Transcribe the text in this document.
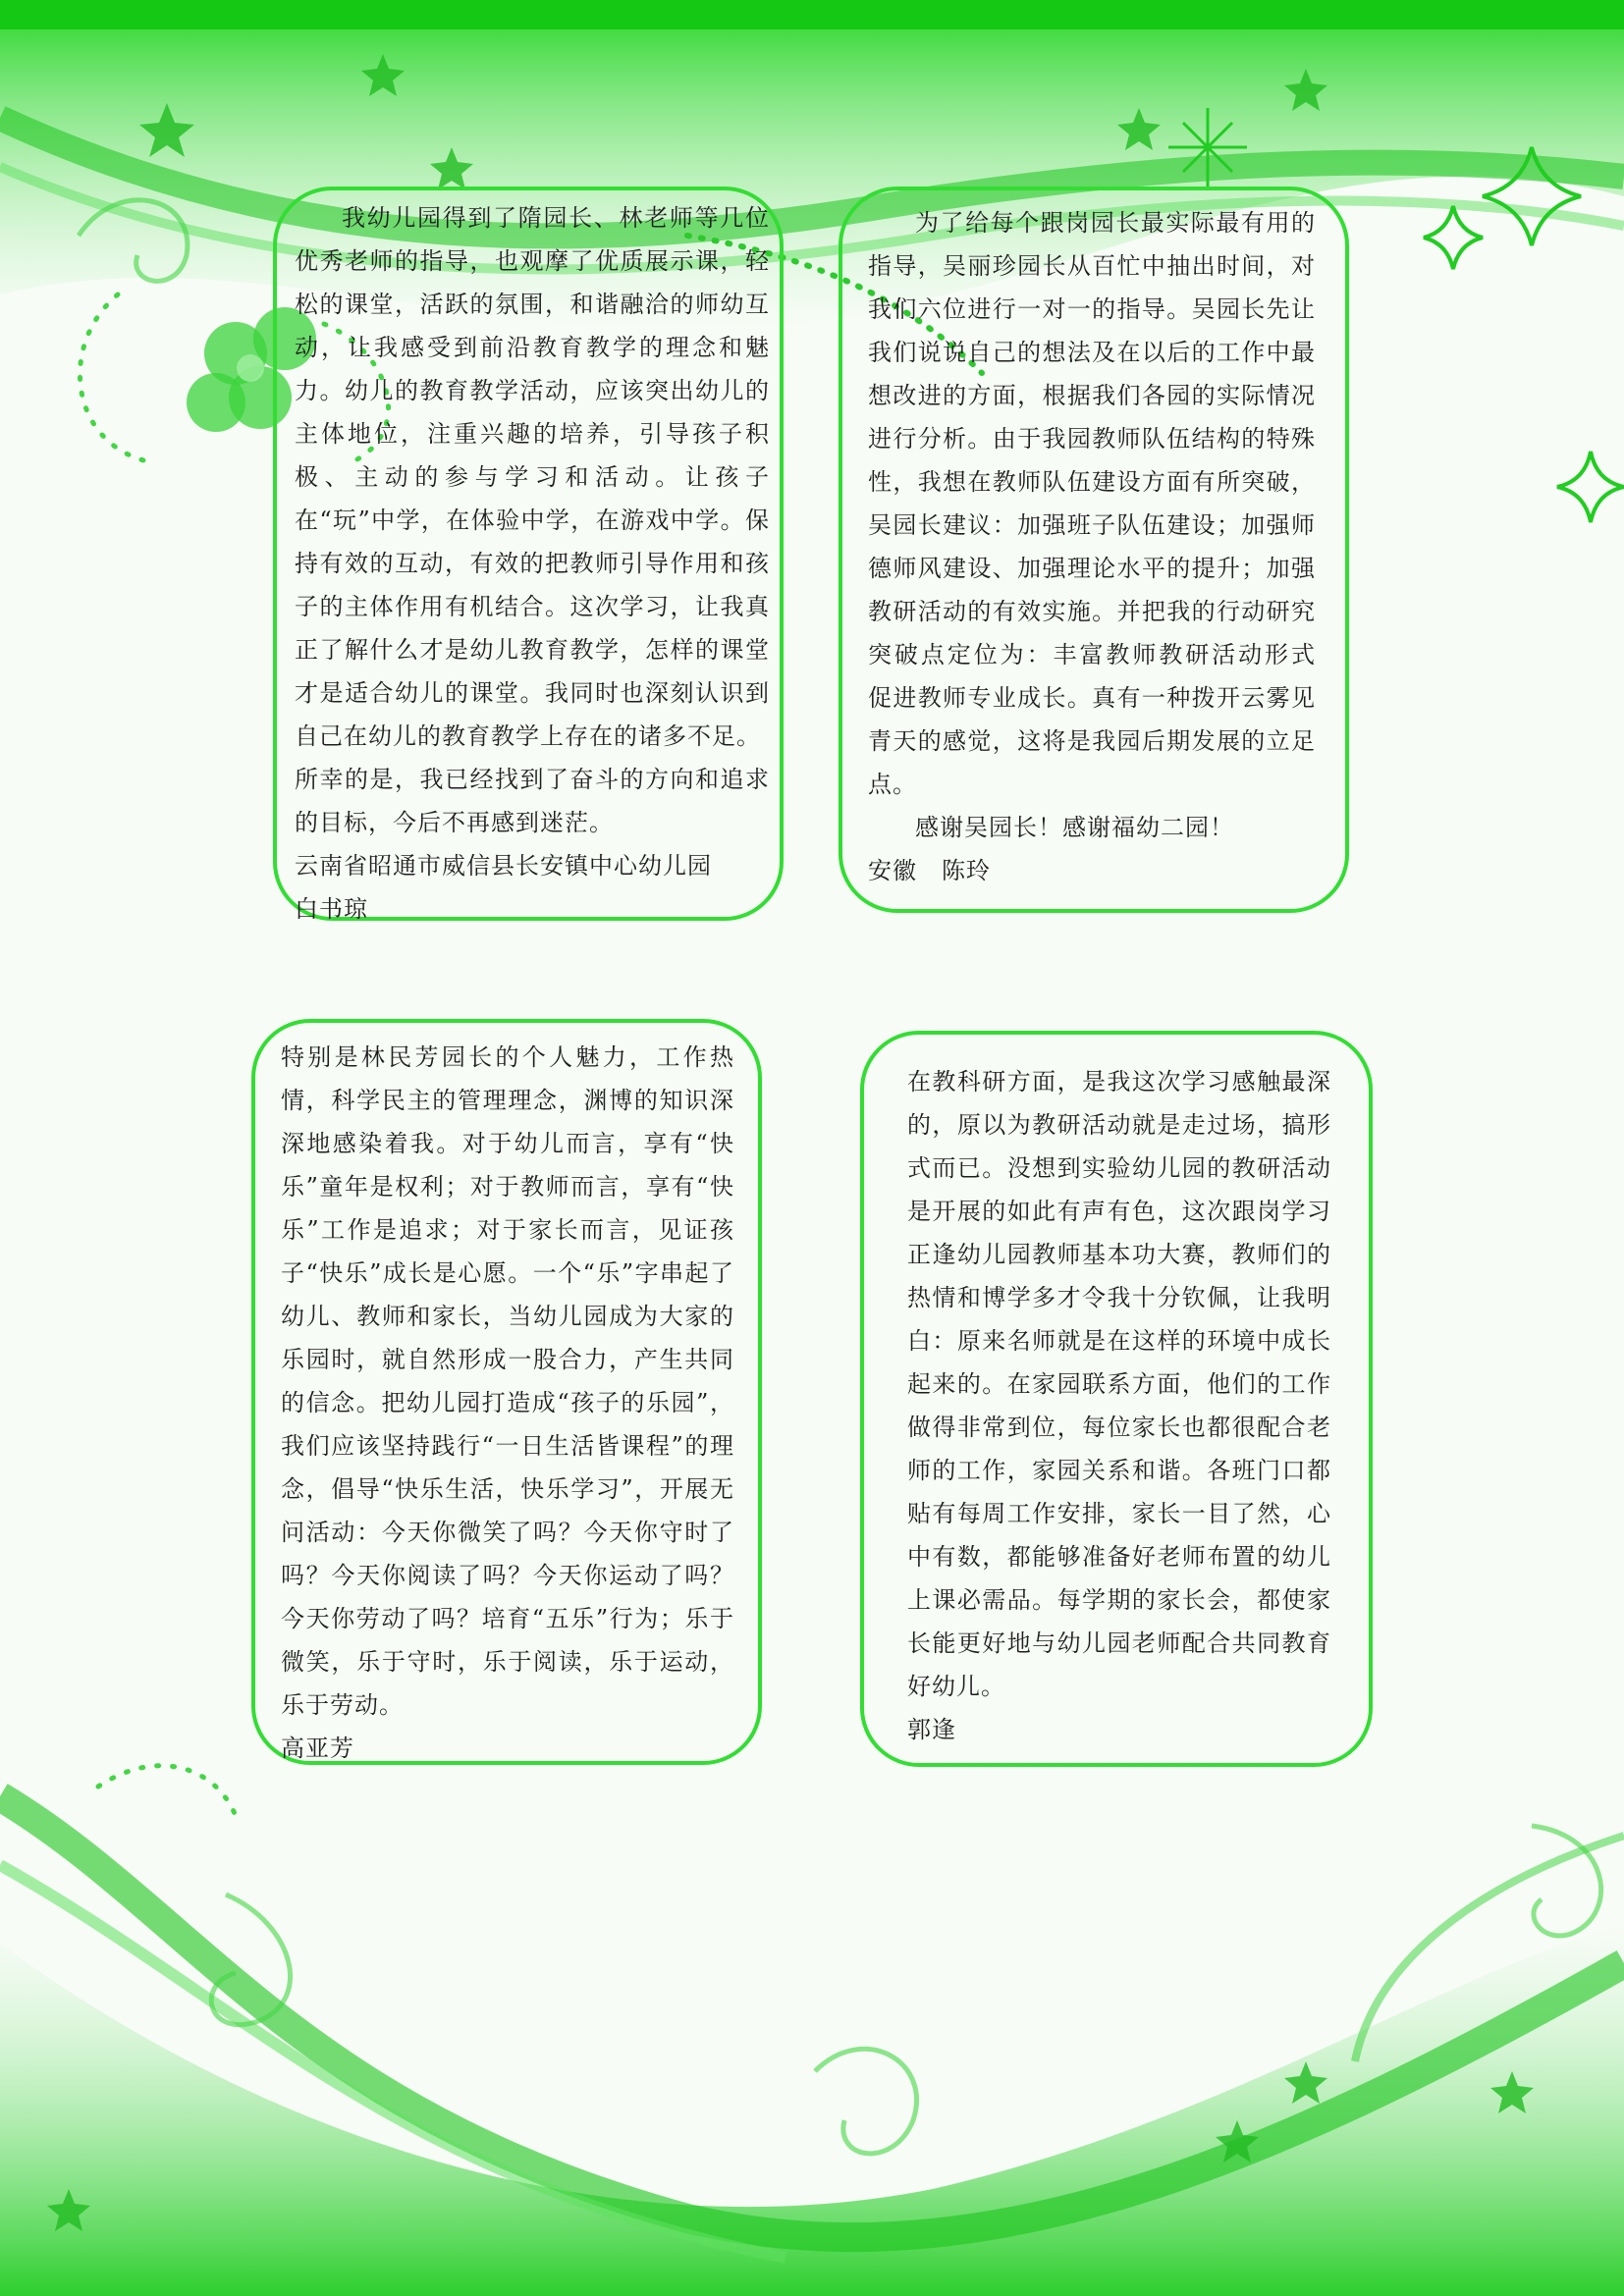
我幼儿园得到了隋园长、林老师等几位优秀老师的指导，也观摩了优质展示课，轻松的课堂，活跃的氛围，和谐融洽的师幼互动，让我感受到前沿教育教学的理念和魅力。幼儿的教育教学活动，应该突出幼儿的主体地位，注重兴趣的培养，引导孩子积极、主动的参与学习和活动。让孩子在“玩”中学，在体验中学，在游戏中学。保持有效的互动，有效的把教师引导作用和孩子的主体作用有机结合。这次学习，让我真正了解什么才是幼儿教育教学，怎样的课堂才是适合幼儿的课堂。我同时也深刻认识到自己在幼儿的教育教学上存在的诸多不足。

所幸的是，我已经找到了奋斗的方向和追求的目标，今后不再感到迷茫。

云南省昭通市威信县长安镇中心幼儿园

白书琼

为了给每个跟岗园长最实际最有用的指导，吴丽珍园长从百忙中抽出时间，对我们六位进行一对一的指导。吴园长先让我们说说自己的想法及在以后的工作中最想改进的方面，根据我们各园的实际情况进行分析。由于我园教师队伍结构的特殊性，我想在教师队伍建设方面有所突破，吴园长建议：加强班子队伍建设；加强师德师风建设、加强理论水平的提升；加强教研活动的有效实施。并把我的行动研究突破点定位为：丰富教师教研活动形式 促进教师专业成长。真有一种拨开云雾见青天的感觉，这将是我园后期发展的立足点。

感谢吴园长！感谢福幼二园！

安徽　陈玲

特别是林民芳园长的个人魅力，工作热情，科学民主的管理理念，渊博的知识深深地感染着我。对于幼儿而言，享有“快乐”童年是权利；对于教师而言，享有“快乐”工作是追求；对于家长而言，见证孩子“快乐”成长是心愿。一个“乐”字串起了幼儿、教师和家长，当幼儿园成为大家的乐园时，就自然形成一股合力，产生共同的信念。把幼儿园打造成“孩子的乐园”，我们应该坚持践行“一日生活皆课程”的理念，倡导“快乐生活，快乐学习”，开展无问活动：今天你微笑了吗？今天你守时了吗？今天你阅读了吗？今天你运动了吗？今天你劳动了吗？培育“五乐”行为；乐于微笑，乐于守时，乐于阅读，乐于运动，乐于劳动。

高亚芳

在教科研方面，是我这次学习感触最深的，原以为教研活动就是走过场，搞形式而已。没想到实验幼儿园的教研活动是开展的如此有声有色，这次跟岗学习正逢幼儿园教师基本功大赛，教师们的热情和博学多才令我十分钦佩，让我明白：原来名师就是在这样的环境中成长起来的。在家园联系方面，他们的工作做得非常到位，每位家长也都很配合老师的工作，家园关系和谐。各班门口都贴有每周工作安排，家长一目了然，心中有数，都能够准备好老师布置的幼儿上课必需品。每学期的家长会，都使家长能更好地与幼儿园老师配合共同教育好幼儿。

郭逢
